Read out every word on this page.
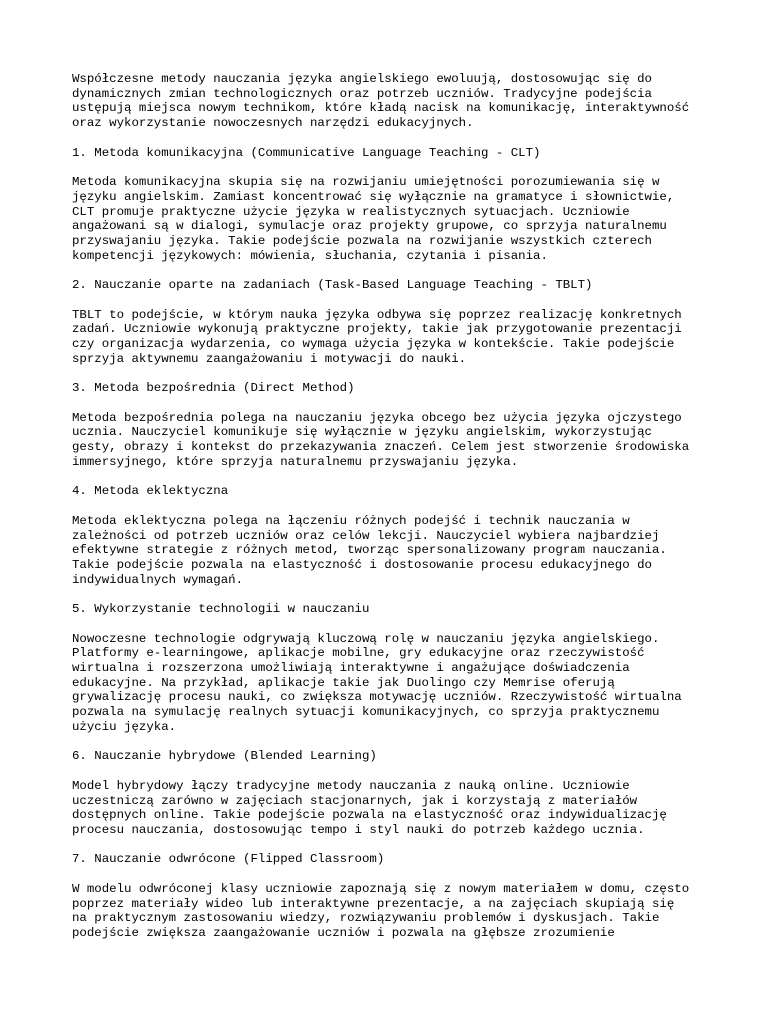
Współczesne metody nauczania języka angielskiego ewoluują, dostosowując się do
dynamicznych zmian technologicznych oraz potrzeb uczniów. Tradycyjne podejścia
ustępują miejsca nowym technikom, które kładą nacisk na komunikację, interaktywność
oraz wykorzystanie nowoczesnych narzędzi edukacyjnych.

1. Metoda komunikacyjna (Communicative Language Teaching - CLT)

Metoda komunikacyjna skupia się na rozwijaniu umiejętności porozumiewania się w
języku angielskim. Zamiast koncentrować się wyłącznie na gramatyce i słownictwie,
CLT promuje praktyczne użycie języka w realistycznych sytuacjach. Uczniowie
angażowani są w dialogi, symulacje oraz projekty grupowe, co sprzyja naturalnemu
przyswajaniu języka. Takie podejście pozwala na rozwijanie wszystkich czterech
kompetencji językowych: mówienia, słuchania, czytania i pisania.

2. Nauczanie oparte na zadaniach (Task-Based Language Teaching - TBLT)

TBLT to podejście, w którym nauka języka odbywa się poprzez realizację konkretnych
zadań. Uczniowie wykonują praktyczne projekty, takie jak przygotowanie prezentacji
czy organizacja wydarzenia, co wymaga użycia języka w kontekście. Takie podejście
sprzyja aktywnemu zaangażowaniu i motywacji do nauki.

3. Metoda bezpośrednia (Direct Method)

Metoda bezpośrednia polega na nauczaniu języka obcego bez użycia języka ojczystego
ucznia. Nauczyciel komunikuje się wyłącznie w języku angielskim, wykorzystując
gesty, obrazy i kontekst do przekazywania znaczeń. Celem jest stworzenie środowiska
immersyjnego, które sprzyja naturalnemu przyswajaniu języka.

4. Metoda eklektyczna

Metoda eklektyczna polega na łączeniu różnych podejść i technik nauczania w
zależności od potrzeb uczniów oraz celów lekcji. Nauczyciel wybiera najbardziej
efektywne strategie z różnych metod, tworząc spersonalizowany program nauczania.
Takie podejście pozwala na elastyczność i dostosowanie procesu edukacyjnego do
indywidualnych wymagań.

5. Wykorzystanie technologii w nauczaniu

Nowoczesne technologie odgrywają kluczową rolę w nauczaniu języka angielskiego.
Platformy e-learningowe, aplikacje mobilne, gry edukacyjne oraz rzeczywistość
wirtualna i rozszerzona umożliwiają interaktywne i angażujące doświadczenia
edukacyjne. Na przykład, aplikacje takie jak Duolingo czy Memrise oferują
grywalizację procesu nauki, co zwiększa motywację uczniów. Rzeczywistość wirtualna
pozwala na symulację realnych sytuacji komunikacyjnych, co sprzyja praktycznemu
użyciu języka.

6. Nauczanie hybrydowe (Blended Learning)

Model hybrydowy łączy tradycyjne metody nauczania z nauką online. Uczniowie
uczestniczą zarówno w zajęciach stacjonarnych, jak i korzystają z materiałów
dostępnych online. Takie podejście pozwala na elastyczność oraz indywidualizację
procesu nauczania, dostosowując tempo i styl nauki do potrzeb każdego ucznia.

7. Nauczanie odwrócone (Flipped Classroom)

W modelu odwróconej klasy uczniowie zapoznają się z nowym materiałem w domu, często
poprzez materiały wideo lub interaktywne prezentacje, a na zajęciach skupiają się
na praktycznym zastosowaniu wiedzy, rozwiązywaniu problemów i dyskusjach. Takie
podejście zwiększa zaangażowanie uczniów i pozwala na głębsze zrozumienie
